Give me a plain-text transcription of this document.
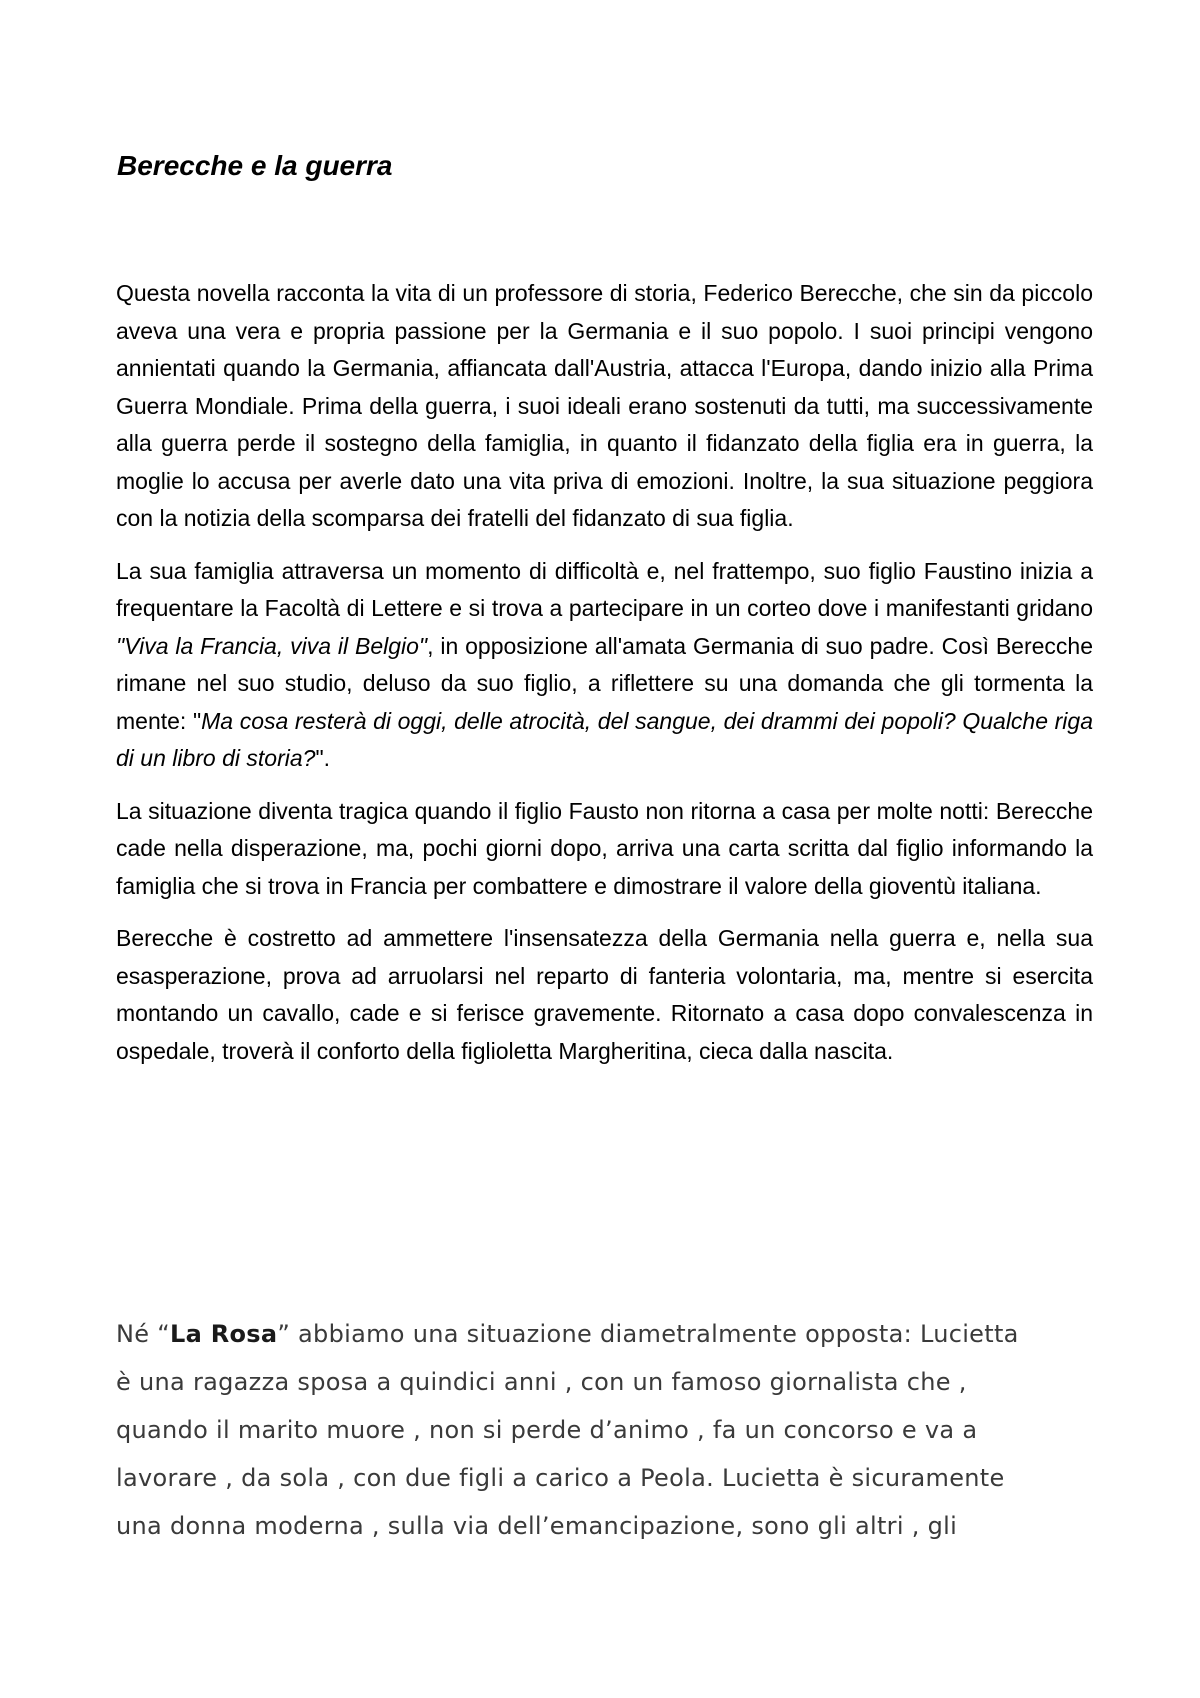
Berecche e la guerra

Questa novella racconta la vita di un professore di storia, Federico Berecche, che sin da piccolo aveva una vera e propria passione per la Germania e il suo popolo. I suoi principi vengono annientati quando la Germania, affiancata dall'Austria, attacca l'Europa, dando inizio alla Prima Guerra Mondiale. Prima della guerra, i suoi ideali erano sostenuti da tutti, ma successivamente alla guerra perde il sostegno della famiglia, in quanto il fidanzato della figlia era in guerra, la moglie lo accusa per averle dato una vita priva di emozioni. Inoltre, la sua situazione peggiora con la notizia della scomparsa dei fratelli del fidanzato di sua figlia.

La sua famiglia attraversa un momento di difficoltà e, nel frattempo, suo figlio Faustino inizia a frequentare la Facoltà di Lettere e si trova a partecipare in un corteo dove i manifestanti gridano "Viva la Francia, viva il Belgio", in opposizione all'amata Germania di suo padre. Così Berecche rimane nel suo studio, deluso da suo figlio, a riflettere su una domanda che gli tormenta la mente: "Ma cosa resterà di oggi, delle atrocità, del sangue, dei drammi dei popoli? Qualche riga di un libro di storia?".

La situazione diventa tragica quando il figlio Fausto non ritorna a casa per molte notti: Berecche cade nella disperazione, ma, pochi giorni dopo, arriva una carta scritta dal figlio informando la famiglia che si trova in Francia per combattere e dimostrare il valore della gioventù italiana.

Berecche è costretto ad ammettere l'insensatezza della Germania nella guerra e, nella sua esasperazione, prova ad arruolarsi nel reparto di fanteria volontaria, ma, mentre si esercita montando un cavallo, cade e si ferisce gravemente. Ritornato a casa dopo convalescenza in ospedale, troverà il conforto della figlioletta Margheritina, cieca dalla nascita.

Né “La Rosa” abbiamo una situazione diametralmente opposta: Lucietta

è una ragazza sposa a quindici anni , con un famoso giornalista che ,

quando il marito muore , non si perde d’animo , fa un concorso e va a

lavorare , da sola , con due figli a carico a Peola. Lucietta è sicuramente

una donna moderna , sulla via dell’emancipazione, sono gli altri , gli
